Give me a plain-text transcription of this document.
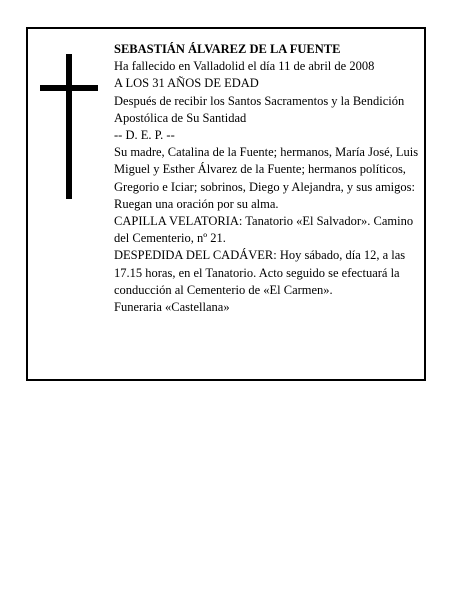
SEBASTIÁN ÁLVAREZ DE LA FUENTE

Ha fallecido en Valladolid el día 11 de abril de 2008

A LOS 31 AÑOS DE EDAD

Después de recibir los Santos Sacramentos y la Bendición Apostólica de Su Santidad

-- D. E. P. --

Su madre, Catalina de la Fuente; hermanos, María José, Luis Miguel y Esther Álvarez de la Fuente; hermanos políticos, Gregorio e Iciar; sobrinos, Diego y Alejandra, y sus amigos:

Ruegan una oración por su alma.

CAPILLA VELATORIA: Tanatorio «El Salvador». Camino del Cementerio, nº 21.

DESPEDIDA DEL CADÁVER: Hoy sábado, día 12, a las 17.15 horas, en el Tanatorio. Acto seguido se efectuará la conducción al Cementerio de «El Carmen».

Funeraria «Castellana»
